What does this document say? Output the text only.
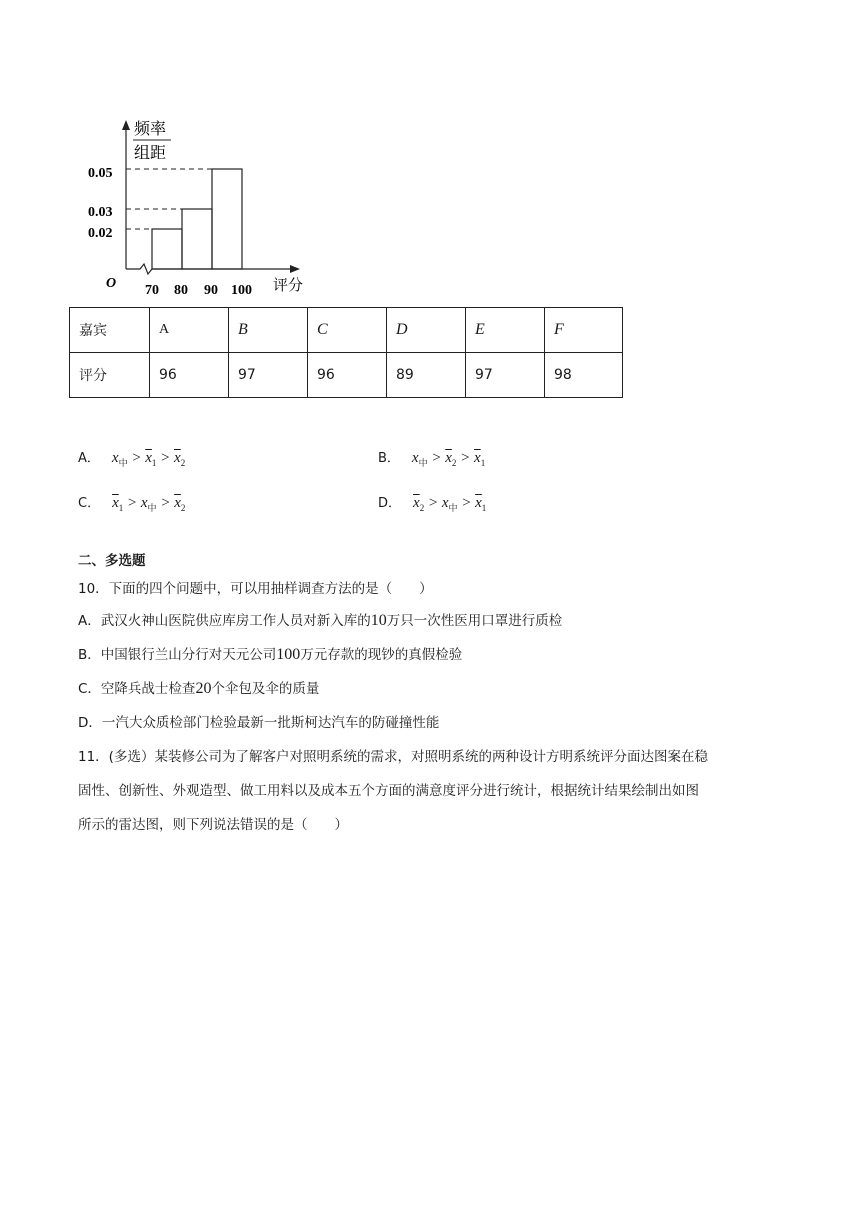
频率
组距
0.05
0.03
0.02
O 70 80 90 100 评分
嘉宾	A	B	C	D	E	F
评分	96	97	96	89	97	98
A． $x_中 > \overline{x}_1 > \overline{x}_2$	B． $x_中 > \overline{x}_2 > \overline{x}_1$
C． $\overline{x}_1 > x_中 > \overline{x}_2$	D． $\overline{x}_2 > x_中 > \overline{x}_1$
二、多选题
10．下面的四个问题中，可以用抽样调查方法的是（　　）
A．武汉火神山医院供应库房工作人员对新入库的10万只一次性医用口罩进行质检
B．中国银行兰山分行对天元公司100万元存款的现钞的真假检验
C．空降兵战士检查20个伞包及伞的质量
D．一汽大众质检部门检验最新一批斯柯达汽车的防碰撞性能
11．(多选）某装修公司为了解客户对照明系统的需求，对照明系统的两种设计方明系统评分面达图案在稳
固性、创新性、外观造型、做工用料以及成本五个方面的满意度评分进行统计，根据统计结果绘制出如图
所示的雷达图，则下列说法错误的是（　　）
